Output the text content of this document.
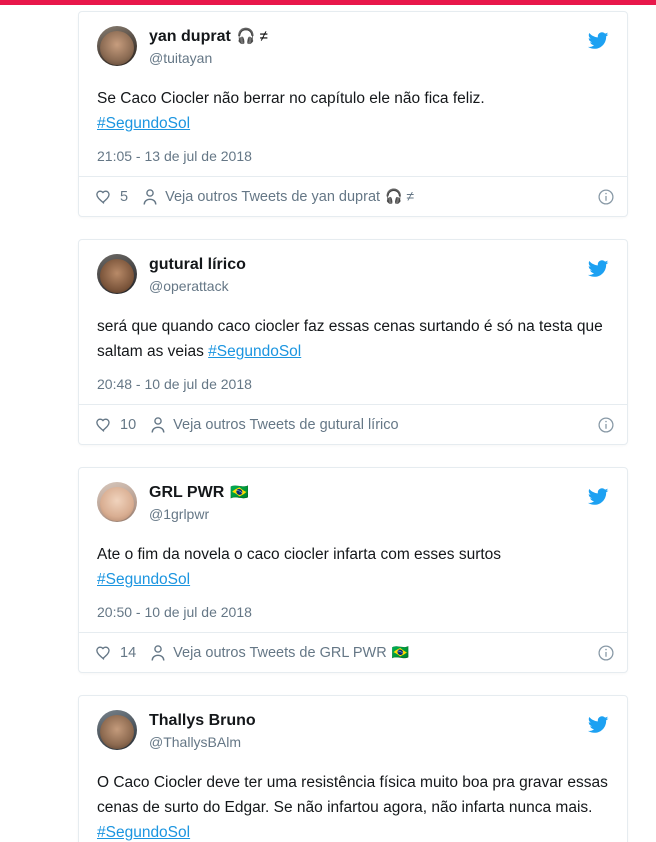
yan duprat 🎧 ≠
@tuitayan

Se Caco Ciocler não berrar no capítulo ele não fica feliz.
#SegundoSol

21:05 - 13 de jul de 2018
5	Veja outros Tweets de yan duprat 🎧 ≠
gutural lírico
@operattack

será que quando caco ciocler faz essas cenas surtando é só na testa que saltam as veias #SegundoSol

20:48 - 10 de jul de 2018
10	Veja outros Tweets de gutural lírico
GRL PWR 🇧🇷
@1grlpwr

Ate o fim da novela o caco ciocler infarta com esses surtos
#SegundoSol

20:50 - 10 de jul de 2018
14	Veja outros Tweets de GRL PWR 🇧🇷
Thallys Bruno
@ThallysBAlm

O Caco Ciocler deve ter uma resistência física muito boa pra gravar essas cenas de surto do Edgar. Se não infartou agora, não infarta nunca mais. #SegundoSol
